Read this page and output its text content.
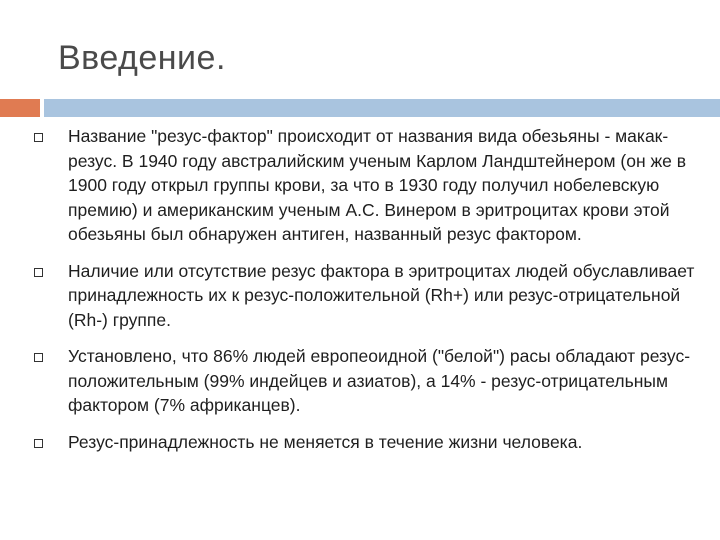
Введение.
Название "резус-фактор" происходит от названия вида обезьяны - макак-резус. В 1940 году австралийским ученым Карлом Ландштейнером (он же в 1900 году открыл группы крови, за что в 1930 году получил нобелевскую премию) и американским ученым А.С. Винером в эритроцитах крови этой обезьяны был обнаружен антиген, названный резус фактором.
Наличие или отсутствие резус фактора в эритроцитах людей обуславливает принадлежность их к резус-положительной (Rh+) или резус-отрицательной (Rh-) группе.
Установлено, что 86% людей европеоидной ("белой") расы обладают резус-положительным (99% индейцев и азиатов), а 14% - резус-отрицательным фактором (7% африканцев).
Резус-принадлежность не меняется в течение жизни человека.
